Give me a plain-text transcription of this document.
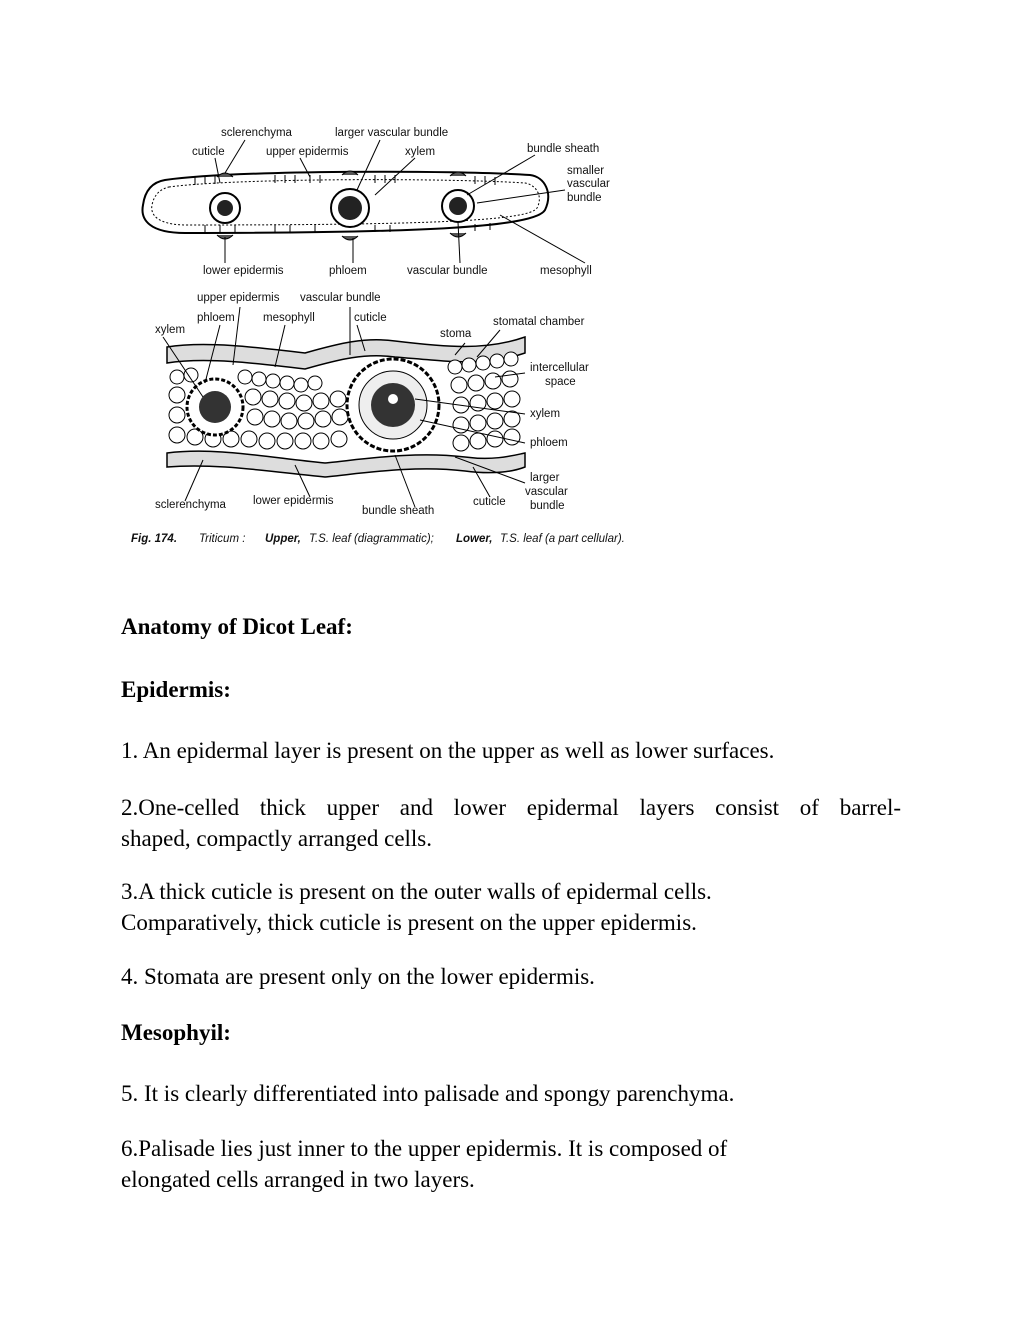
sclerenchyma	larger vascular bundle
cuticle	upper epidermis	xylem	bundle sheath
smaller
vascular
bundle
lower epidermis	phloem	vascular bundle	mesophyll
upper epidermis vascular bundle
phloem mesophyll	cuticle
xylem	stoma
stomatal chamber
intercellular
space
xylem
phloem
larger
vascular
bundle
sclerenchyma lower epidermis
bundle sheath
cuticle
Fig. 174. Triticum : Upper, T.S. leaf (diagrammatic); Lower, T.S. leaf (a part cellular).
Anatomy of Dicot Leaf:
Epidermis:
1. An epidermal layer is present on the upper as well as lower surfaces.
2.One-celled thick upper and lower epidermal layers consist of barrel-
shaped, compactly arranged cells.
3.A thick cuticle is present on the outer walls of epidermal cells.
Comparatively, thick cuticle is present on the upper epidermis.
4. Stomata are present only on the lower epidermis.
Mesophyil:
5. It is clearly differentiated into palisade and spongy parenchyma.
6.Palisade lies just inner to the upper epidermis. It is composed of
elongated cells arranged in two layers.
